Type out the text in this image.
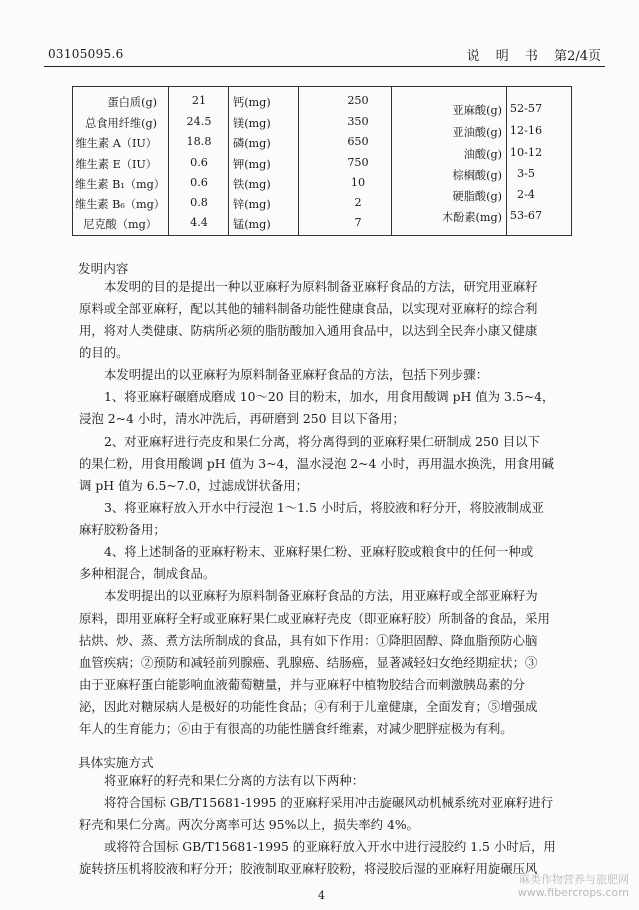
03105095.6	说 明 书 第2/4页
蛋白质(g)	21	钙(mg)	250
总食用纤维(g)	24.5	镁(mg)	350
维生素 A（IU）	18.8	磷(mg)	650
维生素 E（IU）	0.6	钾(mg)	750
维生素 B₁（mg）	0.6	铁(mg)	10
维生素 B₆（mg）	0.8	锌(mg)	2
尼克酸（mg）	4.4	锰(mg)	7
亚麻酸(g) 52-57
亚油酸(g) 12-16
油酸(g) 10-12
棕榈酸(g)	3-5
硬脂酸(g)	2-4
木酚素(mg) 53-67
发明内容
本发明的目的是提出一种以亚麻籽为原料制备亚麻籽食品的方法，研究用亚麻籽
原料或全部亚麻籽，配以其他的辅料制备功能性健康食品，以实现对亚麻籽的综合利
用，将对人类健康、防病所必须的脂肪酸加入通用食品中，以达到全民奔小康又健康
的目的。
本发明提出的以亚麻籽为原料制备亚麻籽食品的方法，包括下列步骤：
1、将亚麻籽碾磨成磨成 10～20 目的粉末，加水，用食用酸调 pH 值为 3.5~4，
浸泡 2~4 小时，清水冲洗后，再研磨到 250 目以下备用；
2、对亚麻籽进行壳皮和果仁分离，将分离得到的亚麻籽果仁研制成 250 目以下
的果仁粉，用食用酸调 pH 值为 3~4，温水浸泡 2~4 小时，再用温水换洗，用食用碱
调 pH 值为 6.5~7.0，过滤成饼状备用；
3、将亚麻籽放入开水中行浸泡 1～1.5 小时后，将胶液和籽分开，将胶液制成亚
麻籽胶粉备用；
4、将上述制备的亚麻籽粉末、亚麻籽果仁粉、亚麻籽胶或粮食中的任何一种或
多种相混合，制成食品。
本发明提出的以亚麻籽为原料制备亚麻籽食品的方法，用亚麻籽或全部亚麻籽为
原料，即用亚麻籽全籽或亚麻籽果仁或亚麻籽壳皮（即亚麻籽胶）所制备的食品，采用
拈烘、炒、蒸、煮方法所制成的食品，具有如下作用：①降胆固醇、降血脂预防心脑
血管疾病；②预防和减轻前列腺癌、乳腺癌、结肠癌，显著减轻妇女绝经期症状；③
由于亚麻籽蛋白能影响血液葡萄糖量，并与亚麻籽中植物胶结合而刺激胰岛素的分
泌，因此对糖尿病人是极好的功能性食品；④有利于儿童健康，全面发育；⑤增强成
年人的生育能力；⑥由于有很高的功能性膳食纤维素，对减少肥胖症极为有利。
具体实施方式
将亚麻籽的籽壳和果仁分离的方法有以下两种：
将符合国标 GB/T15681-1995 的亚麻籽采用冲击旋碾风动机械系统对亚麻籽进行
籽壳和果仁分离。两次分离率可达 95%以上，损失率约 4%。
或将符合国标 GB/T15681-1995 的亚麻籽放入开水中进行浸胶约 1.5 小时后，用
旋转挤压机将胶液和籽分开；胶液制取亚麻籽胶粉，将浸胶后湿的亚麻籽用旋碾压风
4
麻类作物营养与旅肥网
www.fibercrops.com
